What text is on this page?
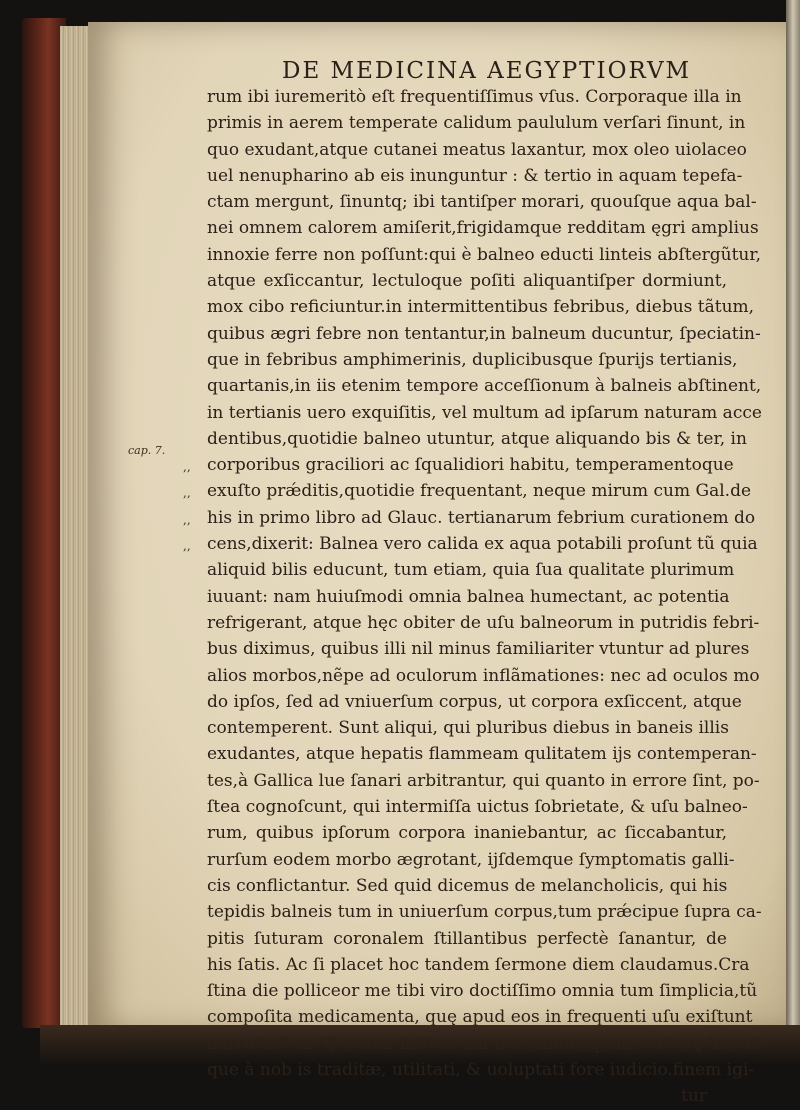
DE MEDICINA AEGYPTIORVM
cap. 7.
,,
,,
,,
,,
rum ibi iuremeritò eſt frequentiſſimus vſus. Corporaque illa in
primis in aerem temperate calidum paululum verſari ſinunt, in
quo exudant,atque cutanei meatus laxantur, mox oleo uiolaceo
uel nenupharino ab eis inunguntur : & tertio in aquam tepefa-
ctam mergunt, ſinuntq; ibi tantiſper morari, quouſque aqua bal-
nei omnem calorem amiſerit,frigidamque redditam ęgri amplius
innoxie ferre non poſſunt:qui è balneo educti linteis abſtergũtur,
atque exſiccantur, lectuloque poſiti aliquantiſper dormiunt,
mox cibo reficiuntur.in intermittentibus febribus, diebus tãtum,
quibus ægri febre non tentantur,in balneum ducuntur, ſpeciatin-
que in febribus amphimerinis, duplicibusque ſpurijs tertianis,
quartanis,in iis etenim tempore acceſſionum à balneis abſtinent,
in tertianis uero exquiſitis, vel multum ad ipſarum naturam acce
dentibus,quotidie balneo utuntur, atque aliquando bis & ter, in
corporibus graciliori ac ſqualidiori habitu, temperamentoque
exuſto prǽditis,quotidie frequentant, neque mirum cum Gal.de
his in primo libro ad Glauc. tertianarum febrium curationem do
cens,dixerit: Balnea vero calida ex aqua potabili proſunt tũ quia
aliquid bilis educunt, tum etiam, quia ſua qualitate plurimum
iuuant: nam huiuſmodi omnia balnea humectant, ac potentia
refrigerant, atque hęc obiter de uſu balneorum in putridis febri-
bus diximus, quibus illi nil minus familiariter vtuntur ad plures
alios morbos,nẽpe ad oculorum inflãmationes: nec ad oculos mo
do ipſos, ſed ad vniuerſum corpus, ut corpora exſiccent, atque
contemperent. Sunt aliqui, qui pluribus diebus in baneis illis
exudantes, atque hepatis flammeam qulitatem ijs contemperan-
tes,à Gallica lue ſanari arbitrantur, qui quanto in errore ſint, po-
ſtea cognoſcunt, qui intermiſſa uictus ſobrietate, & uſu balneo-
rum, quibus ipſorum corpora inaniebantur, ac ſiccabantur,
rurſum eodem morbo ægrotant, ijſdemque ſymptomatis galli-
cis conflictantur. Sed quid dicemus de melancholicis, qui his
tepidis balneis tum in uniuerſum corpus,tum prǽcipue ſupra ca-
pitis ſuturam coronalem ſtillantibus perfectè ſanantur, de
his ſatis. Ac ſi placet hoc tandem ſermone diem claudamus.Cra
ſtina die polliceor me tibi viro doctiſſimo omnia tum ſimplicia,tũ
compoſita medicamenta, quę apud eos in frequenti uſu exiſtunt
narraturũ m. Quorum hiſtoricam non minus,quàm cæterę hucuſ-
que à nob is traditæ, utilitati, & uoluptati fore iudicio.finem igi-
tur
